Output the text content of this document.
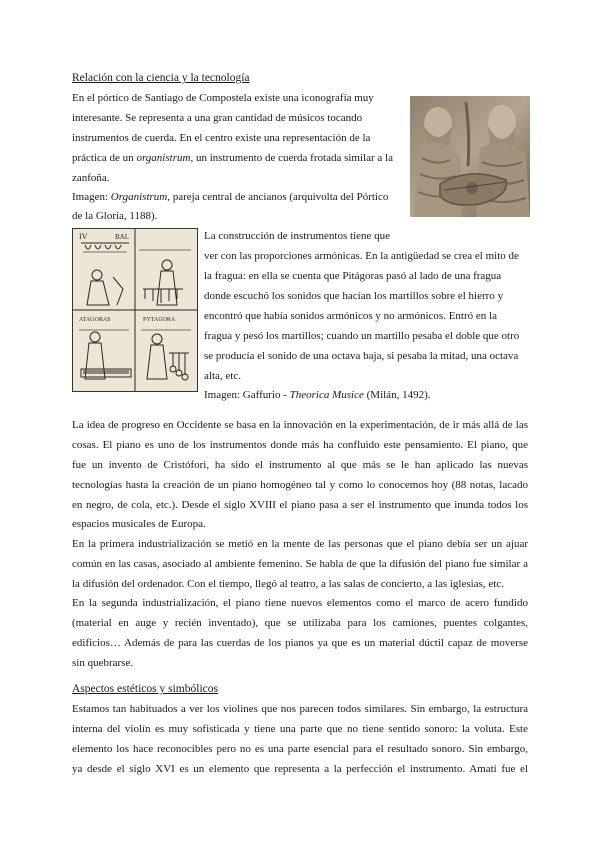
Relación con la ciencia y la tecnología
En el pórtico de Santiago de Compostela existe una iconografía muy
interesante. Se representa a una gran cantidad de músicos tocando
instrumentos de cuerda. En el centro existe una representación de la
práctica de un organistrum, un instrumento de cuerda frotada similar a la
zanfoña.
Imagen: Organistrum, pareja central de ancianos (arquivolta del Pórtico
de la Gloria, 1188).
IV	BAL
ATAGORAS	PYTAGORA
La construcción de instrumentos tiene que
ver con las proporciones armónicas. En la antigüedad se crea el mito de
la fragua: en ella se cuenta que Pitágoras pasó al lado de una fragua
donde escuchó los sonidos que hacían los martillos sobre el hierro y
encontró que había sonidos armónicos y no armónicos. Entró en la
fragua y pesó los martillos; cuando un martillo pesaba el doble que otro
se producía el sonido de una octava baja, si pesaba la mitad, una octava
alta, etc.
Imagen: Gaffurio - Theorica Musice (Milán, 1492).
La idea de progreso en Occidente se basa en la innovación en la experimentación, de ir más allá de las
cosas. El piano es uno de los instrumentos donde más ha confluido este pensamiento. El piano, que
fue un invento de Cristófori, ha sido el instrumento al que más se le han aplicado las nuevas
tecnologías hasta la creación de un piano homogéneo tal y como lo conocemos hoy (88 notas, lacado
en negro, de cola, etc.). Desde el siglo XVIII el piano pasa a ser el instrumento que inunda todos los
espacios musicales de Europa.
En la primera industrialización se metió en la mente de las personas que el piano debía ser un ajuar
común en las casas, asociado al ambiente femenino. Se habla de que la difusión del piano fue similar a
la difusión del ordenador. Con el tiempo, llegó al teatro, a las salas de concierto, a las iglesias, etc.
En la segunda industrialización, el piano tiene nuevos elementos como el marco de acero fundido
(material en auge y recién inventado), que se utilizaba para los camiones, puentes colgantes,
edificios… Además de para las cuerdas de los pianos ya que es un material dúctil capaz de moverse
sin quebrarse.
Aspectos estéticos y simbólicos
Estamos tan habituados a ver los violines que nos parecen todos similares. Sin embargo, la estructura
interna del violín es muy sofisticada y tiene una parte que no tiene sentido sonoro: la voluta. Este
elemento los hace reconocibles pero no es una parte esencial para el resultado sonoro. Sin embargo,
ya desde el siglo XVI es un elemento que representa a la perfección el instrumento. Amati fue el
